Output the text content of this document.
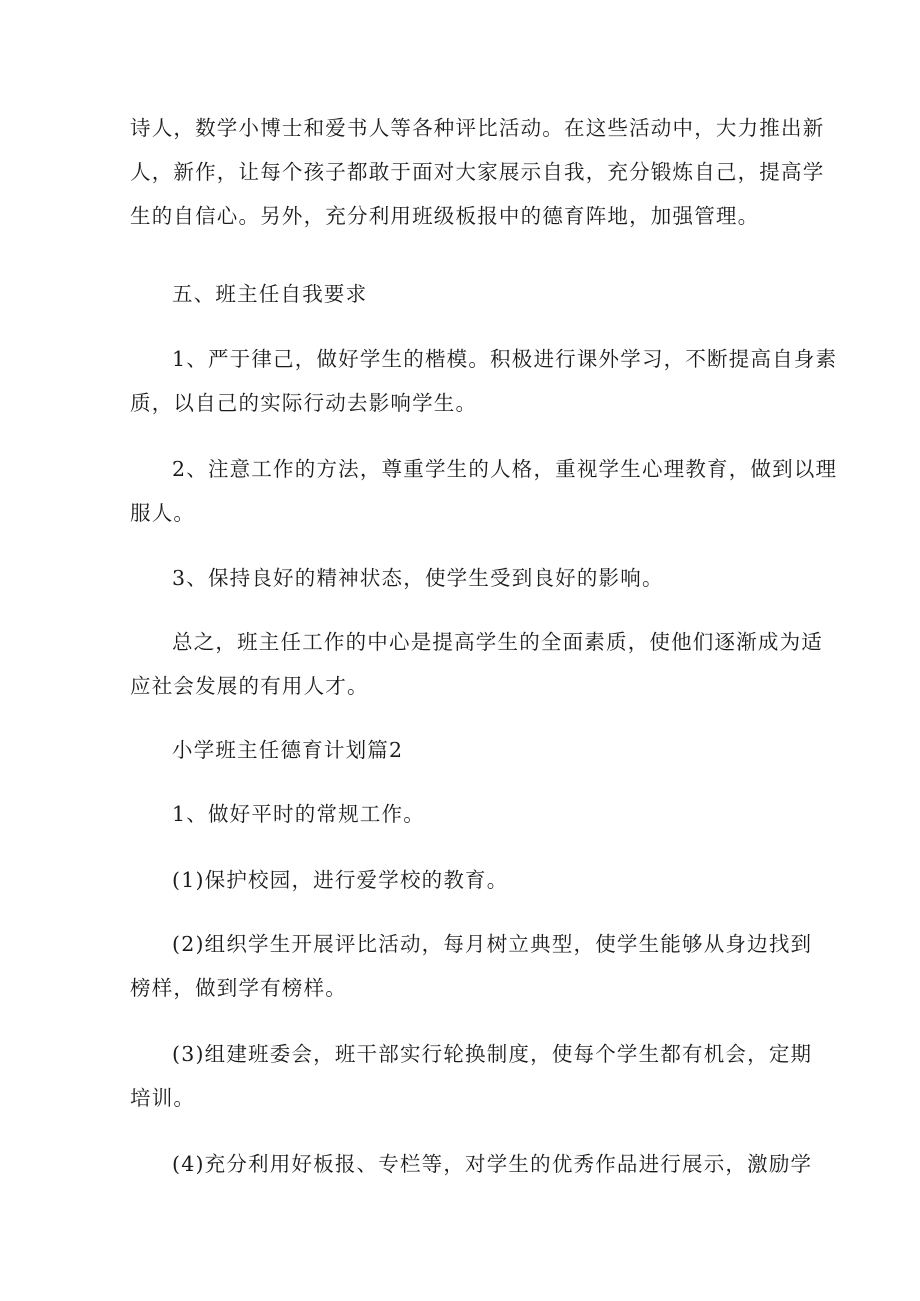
诗人，数学小博士和爱书人等各种评比活动。在这些活动中，大力推出新
人，新作，让每个孩子都敢于面对大家展示自我，充分锻炼自己，提高学
生的自信心。另外，充分利用班级板报中的德育阵地，加强管理。

五、班主任自我要求

1、严于律己，做好学生的楷模。积极进行课外学习，不断提高自身素
质，以自己的实际行动去影响学生。

2、注意工作的方法，尊重学生的人格，重视学生心理教育，做到以理
服人。

3、保持良好的精神状态，使学生受到良好的影响。

总之，班主任工作的中心是提高学生的全面素质，使他们逐渐成为适
应社会发展的有用人才。

小学班主任德育计划篇2

1、做好平时的常规工作。

(1)保护校园，进行爱学校的教育。

(2)组织学生开展评比活动，每月树立典型，使学生能够从身边找到
榜样，做到学有榜样。

(3)组建班委会，班干部实行轮换制度，使每个学生都有机会，定期
培训。

(4)充分利用好板报、专栏等，对学生的优秀作品进行展示，激励学
